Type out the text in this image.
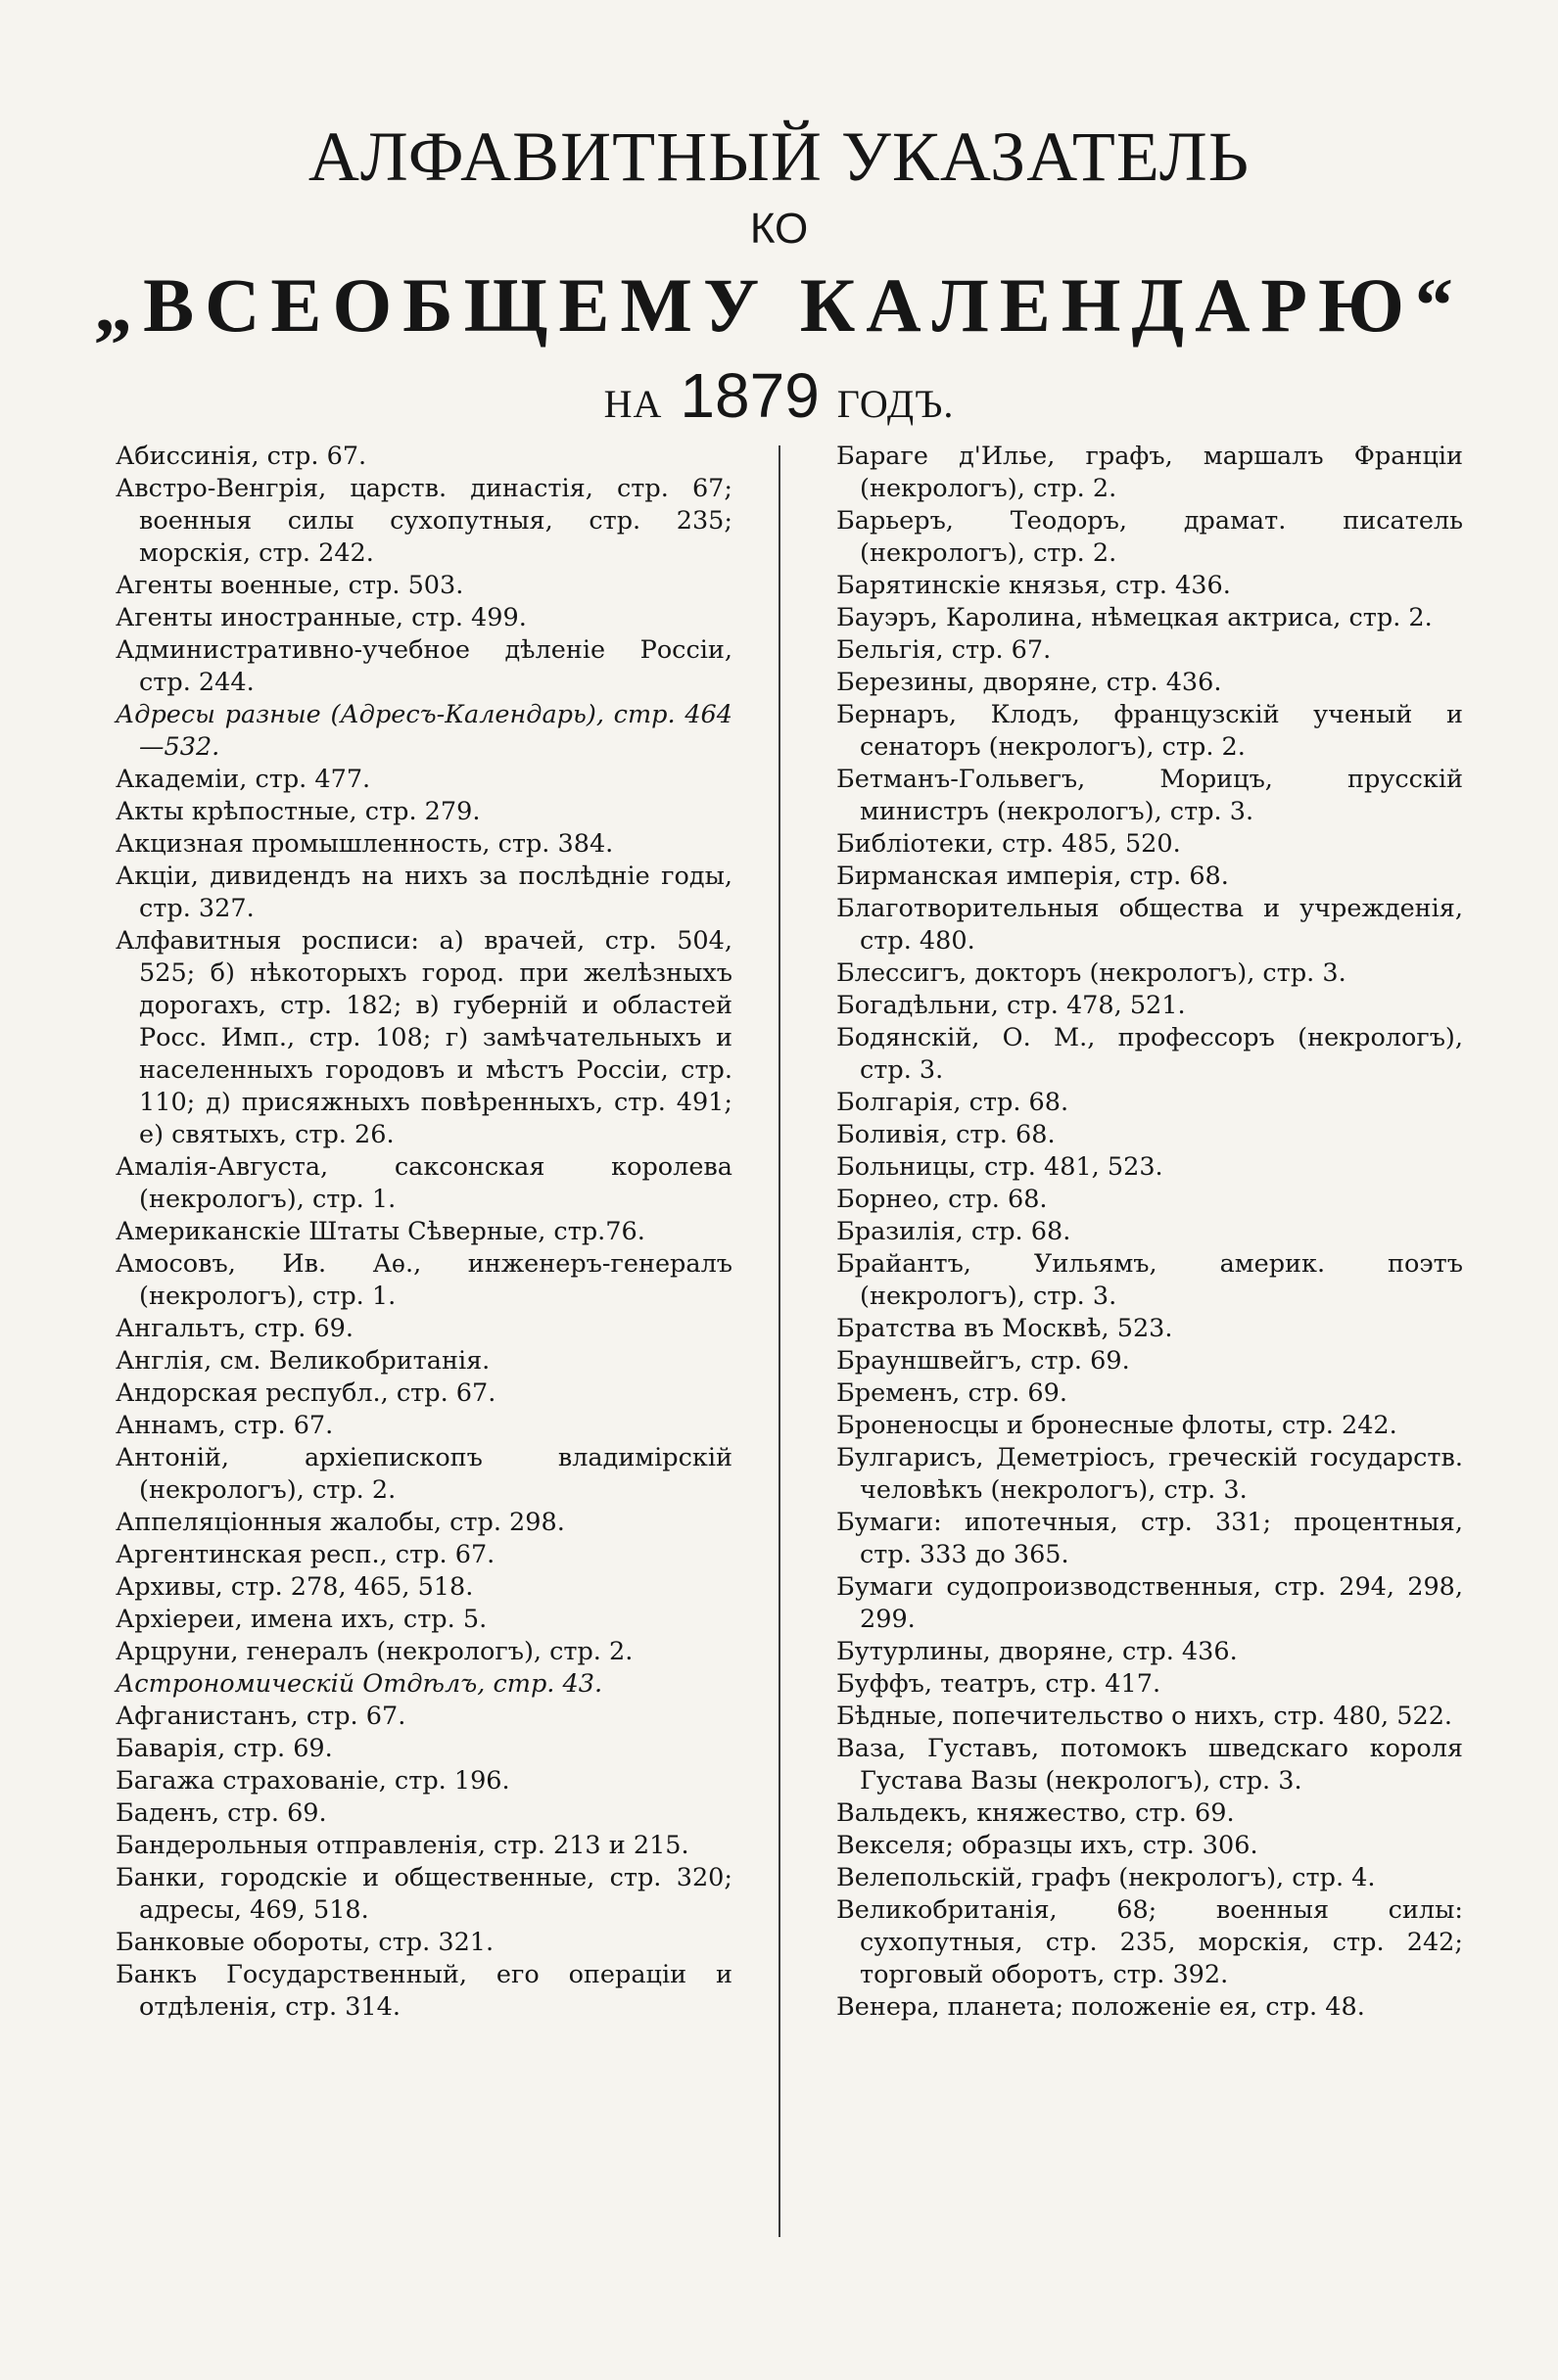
АЛФАВИТНЫЙ УКАЗАТЕЛЬ
КО
„ВСЕОБЩЕМУ КАЛЕНДАРЮ“
НА 1879 ГОДЪ.

Абиссинія, стр. 67.

Австро-Венгрія, царств. династія, стр. 67; военныя силы сухопутныя, стр. 235; морскія, стр. 242.

Агенты военные, стр. 503.

Агенты иностранные, стр. 499.

Административно-учебное дѣленіе Россіи, стр. 244.

Адресы разные (Адресъ-Календарь), стр. 464—532.

Академіи, стр. 477.

Акты крѣпостные, стр. 279.

Акцизная промышленность, стр. 384.

Акціи, дивидендъ на нихъ за послѣдніе годы, стр. 327.

Алфавитныя росписи: а) врачей, стр. 504, 525; б) нѣкоторыхъ город. при желѣзныхъ дорогахъ, стр. 182; в) губерній и областей Росс. Имп., стр. 108; г) замѣчательныхъ и населенныхъ городовъ и мѣстъ Россіи, стр. 110; д) присяжныхъ повѣренныхъ, стр. 491; е) святыхъ, стр. 26.

Амалія-Августа, саксонская королева (некрологъ), стр. 1.

Американскіе Штаты Сѣверные, стр.76.

Амосовъ, Ив. Аѳ., инженеръ-генералъ (некрологъ), стр. 1.

Ангальтъ, стр. 69.

Англія, см. Великобританія.

Андорская республ., стр. 67.

Аннамъ, стр. 67.

Антоній, архіепископъ владимірскій (некрологъ), стр. 2.

Аппеляціонныя жалобы, стр. 298.

Аргентинская респ., стр. 67.

Архивы, стр. 278, 465, 518.

Архіереи, имена ихъ, стр. 5.

Арцруни, генералъ (некрологъ), стр. 2.

Астрономическій Отдѣлъ, стр. 43.

Афганистанъ, стр. 67.

Баварія, стр. 69.

Багажа страхованіе, стр. 196.

Баденъ, стр. 69.

Бандерольныя отправленія, стр. 213 и 215.

Банки, городскіе и общественные, стр. 320; адресы, 469, 518.

Банковые обороты, стр. 321.

Банкъ Государственный, его операціи и отдѣленія, стр. 314.

Бараге д'Илье, графъ, маршалъ Франціи (некрологъ), стр. 2.

Барьеръ, Теодоръ, драмат. писатель (некрологъ), стр. 2.

Барятинскіе князья, стр. 436.

Бауэръ, Каролина, нѣмецкая актриса, стр. 2.

Бельгія, стр. 67.

Березины, дворяне, стр. 436.

Бернаръ, Клодъ, французскій ученый и сенаторъ (некрологъ), стр. 2.

Бетманъ-Гольвегъ, Морицъ, прусскій министръ (некрологъ), стр. 3.

Библіотеки, стр. 485, 520.

Бирманская имперія, стр. 68.

Благотворительныя общества и учрежденія, стр. 480.

Блессигъ, докторъ (некрологъ), стр. 3.

Богадѣльни, стр. 478, 521.

Бодянскій, О. М., профессоръ (некрологъ), стр. 3.

Болгарія, стр. 68.

Боливія, стр. 68.

Больницы, стр. 481, 523.

Борнео, стр. 68.

Бразилія, стр. 68.

Брайантъ, Уильямъ, америк. поэтъ (некрологъ), стр. 3.

Братства въ Москвѣ, 523.

Брауншвейгъ, стр. 69.

Бременъ, стр. 69.

Броненосцы и бронесные флоты, стр. 242.

Булгарисъ, Деметріосъ, греческій государств. человѣкъ (некрологъ), стр. 3.

Бумаги: ипотечныя, стр. 331; процентныя, стр. 333 до 365.

Бумаги судопроизводственныя, стр. 294, 298, 299.

Бутурлины, дворяне, стр. 436.

Буффъ, театръ, стр. 417.

Бѣдные, попечительство о нихъ, стр. 480, 522.

Ваза, Густавъ, потомокъ шведскаго короля Густава Вазы (некрологъ), стр. 3.

Вальдекъ, княжество, стр. 69.

Векселя; образцы ихъ, стр. 306.

Велепольскій, графъ (некрологъ), стр. 4.

Великобританія, 68; военныя силы: сухопутныя, стр. 235, морскія, стр. 242; торговый оборотъ, стр. 392.

Венера, планета; положеніе ея, стр. 48.
